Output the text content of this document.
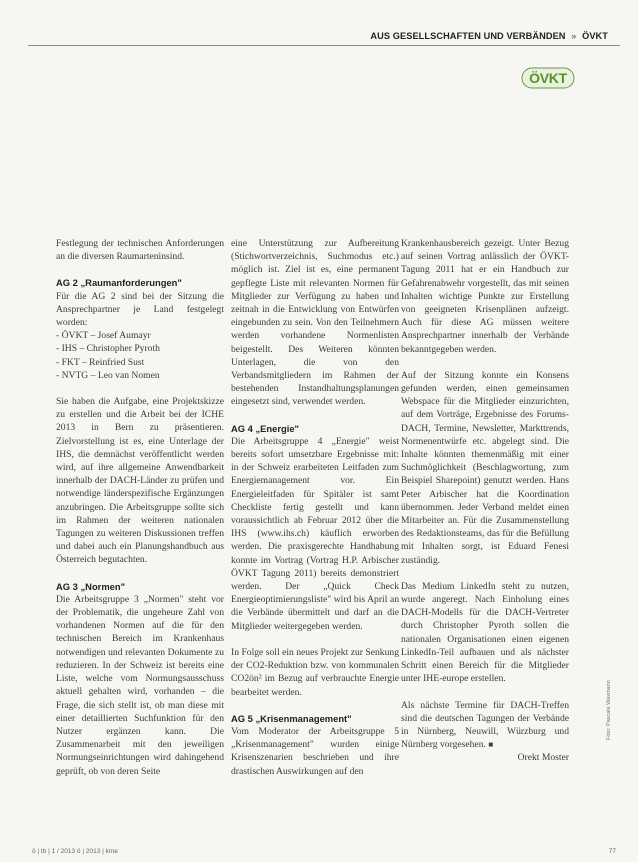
AUS GESELLSCHAFTEN UND VERBÄNDEN » ÖVKT
ÖVKT

Festlegung der technischen Anforderungen an die diversen Raumarteninsind.

AG 2 „Raumanforderungen"

Für die AG 2 sind bei der Sitzung die Ansprechpartner je Land festgelegt worden:

- ÖVKT – Josef Aumayr
- IHS – Christopher Pyroth
- FKT – Reinfried Sust
- NVTG – Leo van Nomen

Sie haben die Aufgabe, eine Projektskizze zu erstellen und die Arbeit bei der ICHE 2013 in Bern zu präsentieren. Zielvorstellung ist es, eine Unterlage der IHS, die demnächst veröffentlicht werden wird, auf ihre allgemeine Anwendbarkeit innerhalb der DACH-Länder zu prüfen und notwendige länderspezifische Ergänzungen anzubringen. Die Arbeitsgruppe sollte sich im Rahmen der weiteren nationalen Tagungen zu weiteren Diskussionen treffen und dabei auch ein Planungshandbuch aus Österreich begutachten.

AG 3 „Normen"

Die Arbeitsgruppe 3 „Normen" steht vor der Problematik, die ungeheure Zahl von vorhandenen Normen auf die für den technischen Bereich im Krankenhaus notwendigen und relevanten Dokumente zu reduzieren. In der Schweiz ist bereits eine Liste, welche vom Normungsausschuss aktuell gehalten wird, vorhanden – die Frage, die sich stellt ist, ob man diese mit einer detaillierten Suchfunktion für den Nutzer ergänzen kann. Die Zusammenarbeit mit den jeweiligen Normungseinrichtungen wird dahingehend geprüft, ob von deren Seite

eine Unterstützung zur Aufbereitung (Stichwortverzeichnis, Suchmodus etc.) möglich ist. Ziel ist es, eine permanent gepflegte Liste mit relevanten Normen für Mitglieder zur Verfügung zu haben und zeitnah in die Entwicklung von Entwürfen eingebunden zu sein. Von den Teilnehmern werden vorhandene Normenlisten beigestellt. Des Weiteren könnten Unterlagen, die von den Verbandsmitgliedern im Rahmen der bestehenden Instandhaltungsplanungen eingesetzt sind, verwendet werden.

AG 4 „Energie"

Die Arbeitsgruppe 4 „Energie" weist bereits sofort umsetzbare Ergebnisse mit: in der Schweiz erarbeiteten Leitfaden zum Energiemanagement vor. Ein Energieleitfaden für Spitäler ist samt Checkliste fertig gestellt und kann voraussichtlich ab Februar 2012 über die IHS (www.ihs.ch) käuflich erworben werden. Die praxisgerechte Handhabung konnte im Vortrag (Vortrag H.P. Arbischer ÖVKT Tagung 2011) bereits demonstriert werden. Der „Quick Check Energieoptimierungsliste" wird bis April an die Verbände übermittelt und darf an die Mitglieder weitergegeben werden.

In Folge soll ein neues Projekt zur Senkung der CO2-Reduktion bzw. von kommunalen CO2ön² im Bezug auf verbrauchte Energie bearbeitet werden.

AG 5 „Krisenmanagement"

Vom Moderator der Arbeitsgruppe 5 „Krisenmanagement" wurden einige Krisenszenarien beschrieben und ihre drastischen Auswirkungen auf den

Krankenhausbereich gezeigt. Unter Bezug auf seinen Vortrag anlässlich der ÖVKT-Tagung 2011 hat er ein Handbuch zur Gefahrenabwehr vorgestellt, das mit seinen Inhalten wichtige Punkte zur Erstellung von geeigneten Krisenplänen aufzeigt. Auch für diese AG müssen weitere Ansprechpartner innerhalb der Verbände bekanntgegeben werden.

Auf der Sitzung konnte ein Konsens gefunden werden, einen gemeinsamen Webspace für die Mitglieder einzurichten, auf dem Vorträge, Ergebnisse des Forums-DACH, Termine, Newsletter, Markttrends, Normenentwürfe etc. abgelegt sind. Die Inhalte könnten themenmäßig mit einer Suchmöglichkeit (Beschlagwortung, zum Beispiel Sharepoint) genutzt werden. Hans Peter Arbischer hat die Koordination übernommen. Jeder Verband meldet einen Mitarbeiter an. Für die Zusammenstellung des Redaktionsteams, das für die Befüllung mit Inhalten sorgt, ist Eduard Fenesi zuständig.

Das Medium LinkedIn steht zu nutzen, wurde angeregt. Nach Einholung eines DACH-Modells für die DACH-Vertreter durch Christopher Pyroth sollen die nationalen Organisationen einen eigenen LinkedIn-Teil aufbauen und als nächster Schritt einen Bereich für die Mitglieder unter IHE-europe erstellen.

Als nächste Termine für DACH-Treffen sind die deutschen Tagungen der Verbände in Nürnberg, Neuwill, Würzburg und Nürnberg vorgesehen. ■

Orekt Moster

Foto: Pascale Waxmann
ö | tb | 1 / 2013 ö | 2013 | kme	77
